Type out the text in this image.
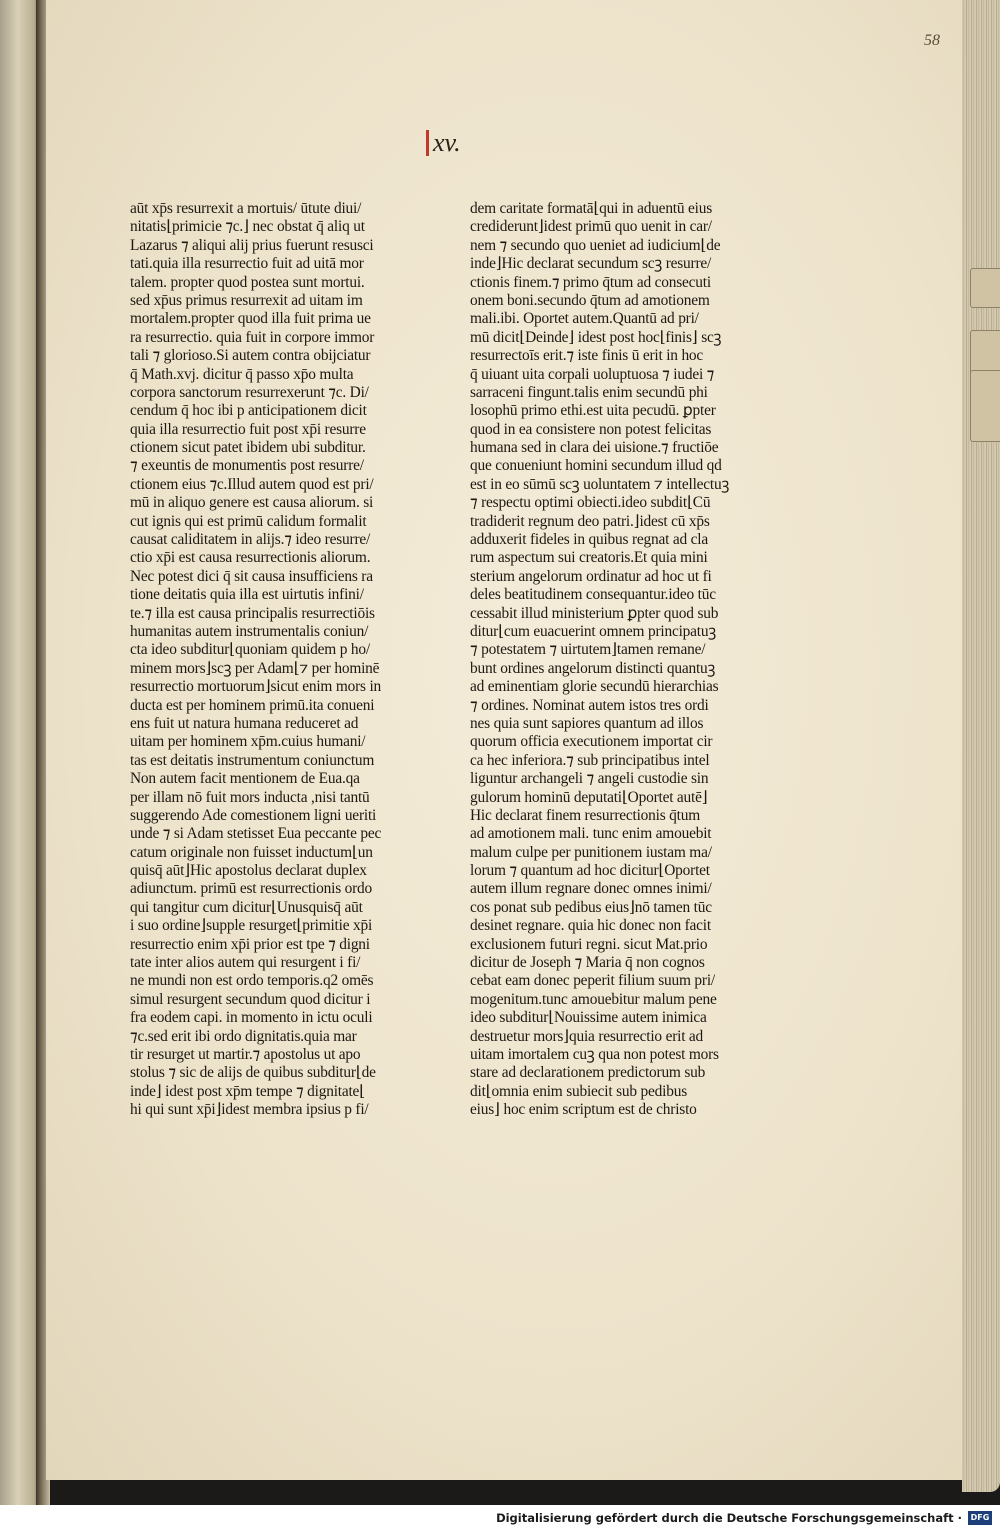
58
xv.
aūt xp̄s resurrexit a mortuis/ ūtute diui/
nitatis⌊primicie ⁊c.⌋ nec obstat q̄ aliq ut
Lazarus ⁊ aliqui alij prius fuerunt resusci
tati.quia illa resurrectio fuit ad uitā mor
talem. propter quod postea sunt mortui.
sed xp̄us primus resurrexit ad uitam im
mortalem.propter quod illa fuit prima ue
ra resurrectio. quia fuit in corpore immor
tali ⁊ glorioso.Si autem contra obijciatur
q̄ Math.xvj. dicitur q̄ passo xp̄o multa
corpora sanctorum resurrexerunt ⁊c. Di/
cendum q̄ hoc ibi p anticipationem dicit
quia illa resurrectio fuit post xp̄i resurre
ctionem sicut patet ibidem ubi subditur.
⁊ exeuntis de monumentis post resurre/
ctionem eius ⁊c.Illud autem quod est pri/
mū in aliquo genere est causa aliorum. si
cut ignis qui est primū calidum formalit
causat caliditatem in alijs.⁊ ideo resurre/
ctio xp̄i est causa resurrectionis aliorum.
Nec potest dici q̄ sit causa insufficiens ra
tione deitatis quia illa est uirtutis infini/
te.⁊ illa est causa principalis resurrectiōis
humanitas autem instrumentalis coniun/
cta ideo subditur⌊quoniam quidem p ho/
minem mors⌋scꝫ per Adam⌊⁊ per hominē
resurrectio mortuorum⌋sicut enim mors in
ducta est per hominem primū.ita conueni
ens fuit ut natura humana reduceret ad
uitam per hominem xp̄m.cuius humani/
tas est deitatis instrumentum coniunctum
Non autem facit mentionem de Eua.qa
per illam nō fuit mors inducta ,nisi tantū
suggerendo Ade comestionem ligni ueriti
unde ⁊ si Adam stetisset Eua peccante pec
catum originale non fuisset inductum⌊un
quisq̄ aūt⌋Hic apostolus declarat duplex
adiunctum. primū est resurrectionis ordo
qui tangitur cum dicitur⌊Unusquisq̄ aūt
i suo ordine⌋supple resurget⌊primitie xp̄i
resurrectio enim xp̄i prior est tpe ⁊ digni
tate inter alios autem qui resurgent i fi/
ne mundi non est ordo temporis.q2 omēs
simul resurgent secundum quod dicitur i
fra eodem capi. in momento in ictu oculi
⁊c.sed erit ibi ordo dignitatis.quia mar
tir resurget ut martir.⁊ apostolus ut apo
stolus ⁊ sic de alijs de quibus subditur⌊de
inde⌋ idest post xp̄m tempe ⁊ dignitate⌊
hi qui sunt xp̄i⌋idest membra ipsius p fi/
dem caritate formatā⌊qui in aduentū eius
crediderunt⌋idest primū quo uenit in car/
nem ⁊ secundo quo ueniet ad iudicium⌊de
inde⌋Hic declarat secundum scꝫ resurre/
ctionis finem.⁊ primo q̄tum ad consecuti
onem boni.secundo q̄tum ad amotionem
mali.ibi. Oportet autem.Quantū ad pri/
mū dicit⌊Deinde⌋ idest post hoc⌊finis⌋ scꝫ
resurrectoīs erit.⁊ iste finis ū erit in hoc
q̄ uiuant uita corpali uoluptuosa ⁊ iudei ⁊
sarraceni fingunt.talis enim secundū phi
losophū primo ethi.est uita pecudū. ꝑpter
quod in ea consistere non potest felicitas
humana sed in clara dei uisione.⁊ fructiōe
que conueniunt homini secundum illud qd
est in eo sūmū scꝫ uoluntatem ⁊ intellectuꝫ
⁊ respectu optimi obiecti.ideo subdit⌊Cū
tradiderit regnum deo patri.⌋idest cū xp̄s
adduxerit fideles in quibus regnat ad cla
rum aspectum sui creatoris.Et quia mini
sterium angelorum ordinatur ad hoc ut fi
deles beatitudinem consequantur.ideo tūc
cessabit illud ministerium ꝑpter quod sub
ditur⌊cum euacuerint omnem principatuꝫ
⁊ potestatem ⁊ uirtutem⌋tamen remane/
bunt ordines angelorum distincti quantuꝫ
ad eminentiam glorie secundū hierarchias
⁊ ordines. Nominat autem istos tres ordi
nes quia sunt sapiores quantum ad illos
quorum officia executionem importat cir
ca hec inferiora.⁊ sub principatibus intel
liguntur archangeli ⁊ angeli custodie sin
gulorum hominū deputati⌊Oportet autē⌋
Hic declarat finem resurrectionis q̄tum
ad amotionem mali. tunc enim amouebit
malum culpe per punitionem iustam ma/
lorum ⁊ quantum ad hoc dicitur⌊Oportet
autem illum regnare donec omnes inimi/
cos ponat sub pedibus eius⌋nō tamen tūc
desinet regnare. quia hic donec non facit
exclusionem futuri regni. sicut Mat.prio
dicitur de Joseph ⁊ Maria q̄ non cognos
cebat eam donec peperit filium suum pri/
mogenitum.tunc amouebitur malum pene
ideo subditur⌊Nouissime autem inimica
destruetur mors⌋quia resurrectio erit ad
uitam imortalem cuꝫ qua non potest mors
stare ad declarationem predictorum sub
dit⌊omnia enim subiecit sub pedibus
eius⌋ hoc enim scriptum est de christo
Digitalisierung gefördert durch die Deutsche Forschungsgemeinschaft ·	DFG
